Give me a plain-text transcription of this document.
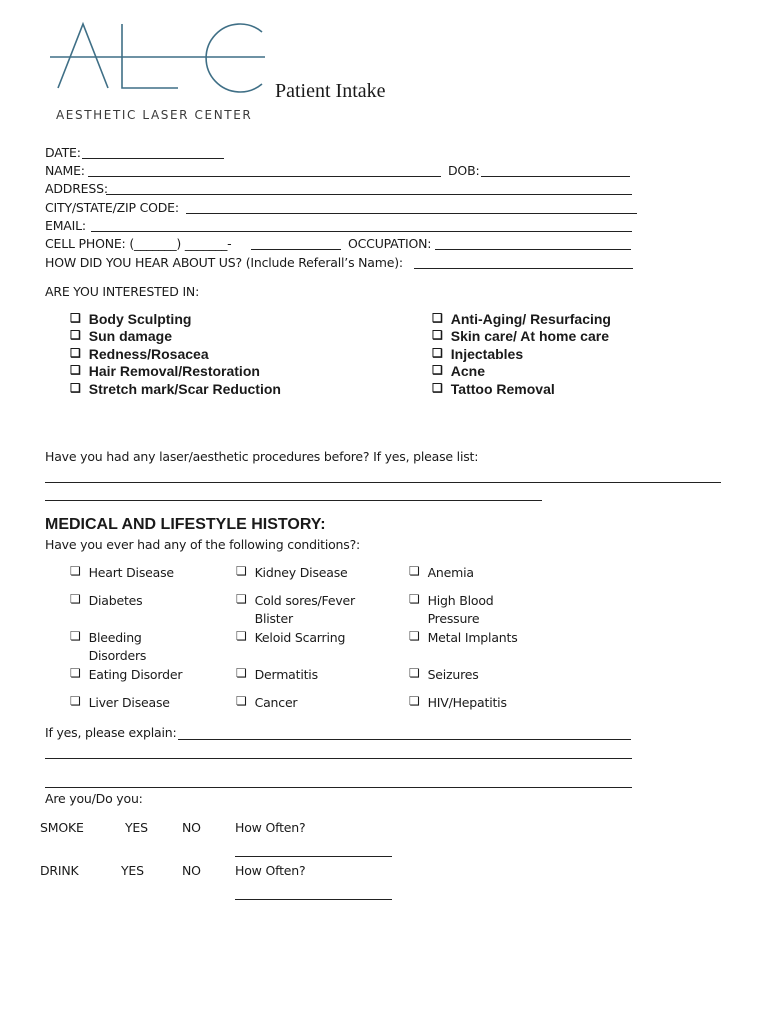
AESTHETIC LASER CENTER
Patient Intake
DATE:
NAME:	DOB:
ADDRESS:
CITY/STATE/ZIP CODE:
EMAIL:
CELL PHONE: (_______) _______-	OCCUPATION:
HOW DID YOU HEAR ABOUT US? (Include Referall’s Name):
ARE YOU INTERESTED IN:
❏ Body Sculpting
❏ Sun damage
❏ Redness/Rosacea
❏ Hair Removal/Restoration
❏ Stretch mark/Scar Reduction
❏ Anti-Aging/ Resurfacing
❏ Skin care/ At home care
❏ Injectables
❏ Acne
❏ Tattoo Removal
Have you had any laser/aesthetic procedures before? If yes, please list:
MEDICAL AND LIFESTYLE HISTORY:
Have you ever had any of the following conditions?:
❏ Heart Disease
❏ Diabetes
❏ Bleeding
Disorders
❏ Eating Disorder
❏ Liver Disease
❏ Kidney Disease
❏ Cold sores/Fever
Blister
❏ Keloid Scarring
❏ Dermatitis
❏ Cancer
❏ Anemia
❏ High Blood
Pressure
❏ Metal Implants
❏ Seizures
❏ HIV/Hepatitis
If yes, please explain:
Are you/Do you:
SMOKE	YES	NO	How Often?
DRINK	YES	NO	How Often?
